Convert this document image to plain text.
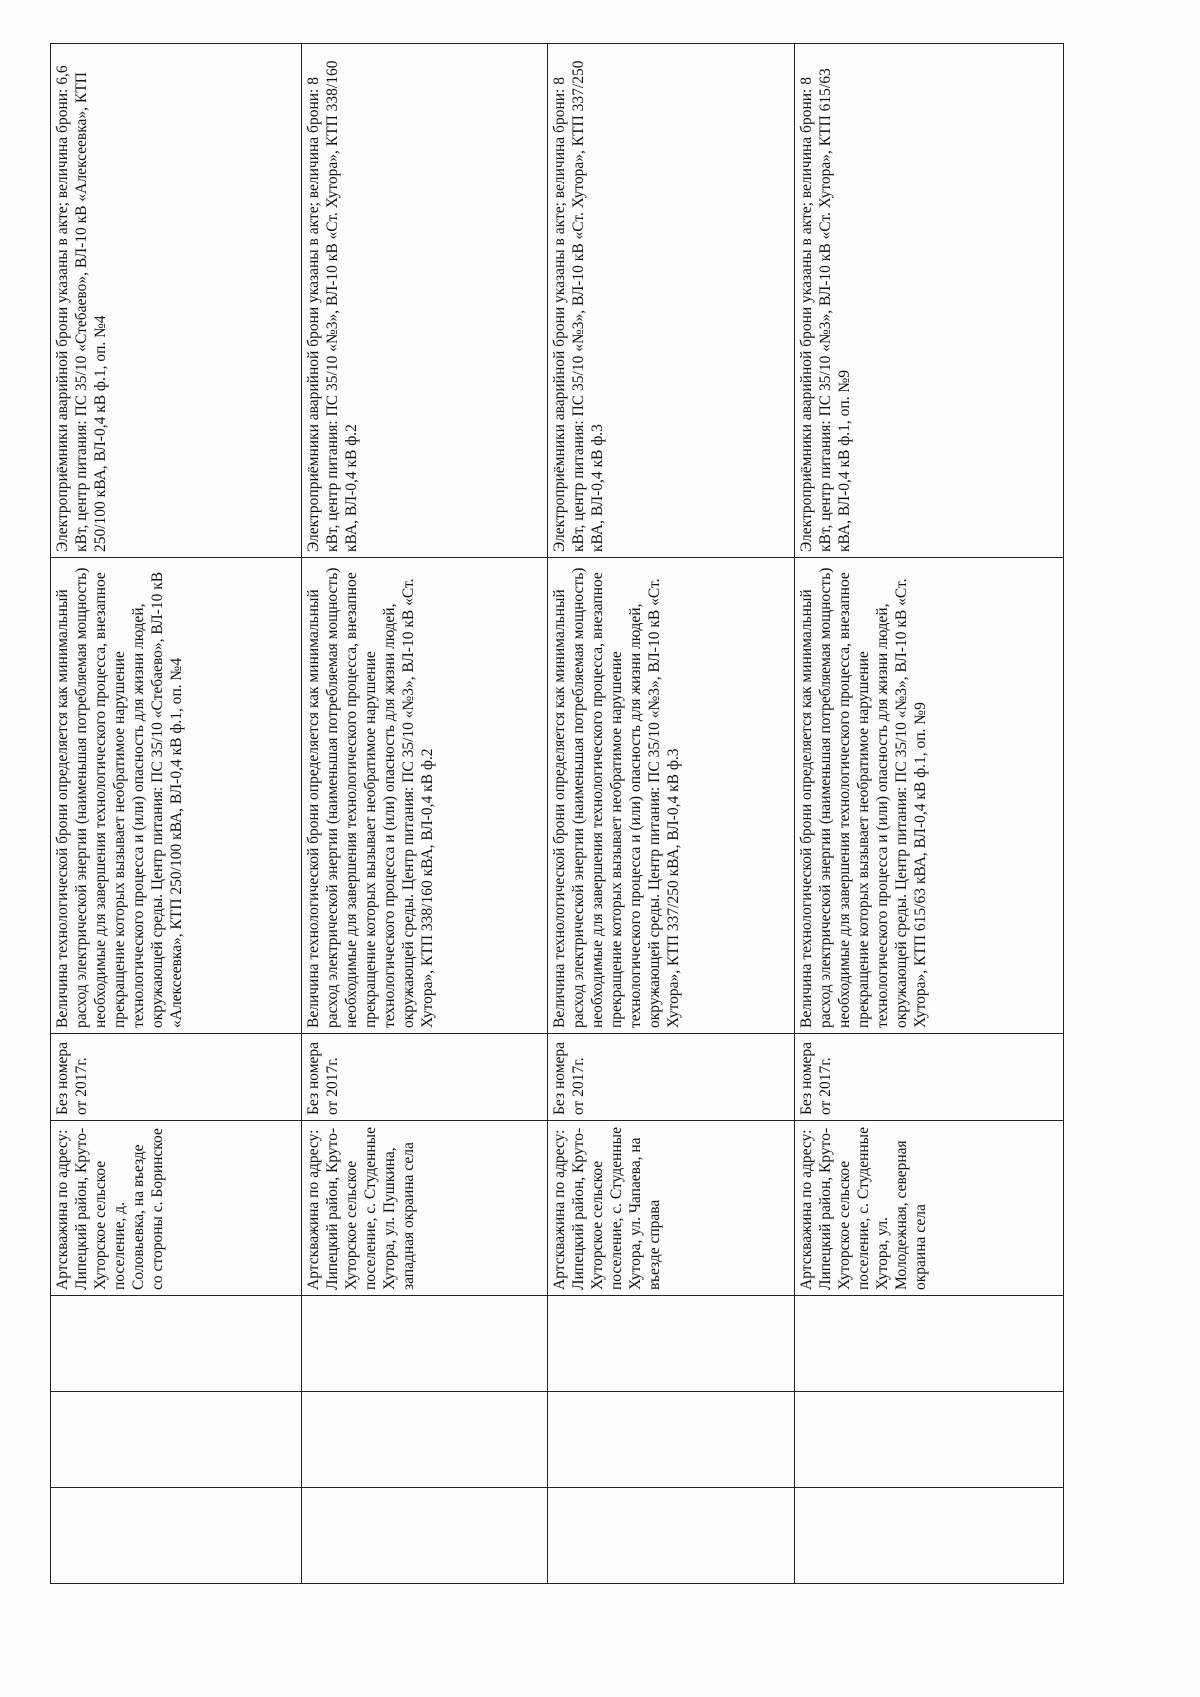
			Артскважина по адресу: Липецкий район, Круто-Хуторское сельское поселение, д. Соловьевка, на въезде со стороны с. Боринское	Без номера от 2017г.	Величина технологической брони определяется как минимальный расход электрической энергии (наименьшая потребляемая мощность) необходимые для завершения технологического процесса, внезапное прекращение которых вызывает необратимое нарушение технологического процесса и (или) опасность для жизни людей, окружающей среды. Центр питания: ПС 35/10 «Стебаево», ВЛ-10 кВ «Алексеевка», КТП 250/100 кВА, ВЛ-0,4 кВ ф.1, оп. №4	Электроприёмники аварийной брони указаны в акте; величина брони: 6,6 кВт, центр питания: ПС 35/10 «Стебаево», ВЛ-10 кВ «Алексеевка», КТП 250/100 кВА, ВЛ-0,4 кВ ф.1, оп. №4

			Артскважина по адресу: Липецкий район, Круто-Хуторское сельское поселение, с. Студенные Хутора, ул. Пушкина, западная окраина села	Без номера от 2017г.	Величина технологической брони определяется как минимальный расход электрической энергии (наименьшая потребляемая мощность) необходимые для завершения технологического процесса, внезапное прекращение которых вызывает необратимое нарушение технологического процесса и (или) опасность для жизни людей, окружающей среды. Центр питания: ПС 35/10 «№3», ВЛ-10 кВ «Ст. Хутора», КТП 338/160 кВА, ВЛ-0,4 кВ ф.2	Электроприёмники аварийной брони указаны в акте; величина брони: 8 кВт, центр питания: ПС 35/10 «№3», ВЛ-10 кВ «Ст. Хутора», КТП 338/160 кВА, ВЛ-0,4 кВ ф.2

			Артскважина по адресу: Липецкий район, Круто-Хуторское сельское поселение, с. Студенные Хутора, ул. Чапаева, на въезде справа	Без номера от 2017г.	Величина технологической брони определяется как минимальный расход электрической энергии (наименьшая потребляемая мощность) необходимые для завершения технологического процесса, внезапное прекращение которых вызывает необратимое нарушение технологического процесса и (или) опасность для жизни людей, окружающей среды. Центр питания: ПС 35/10 «№3», ВЛ-10 кВ «Ст. Хутора», КТП 337/250 кВА, ВЛ-0,4 кВ ф.3	Электроприёмники аварийной брони указаны в акте; величина брони: 8 кВт, центр питания: ПС 35/10 «№3», ВЛ-10 кВ «Ст. Хутора», КТП 337/250 кВА, ВЛ-0,4 кВ ф.3

			Артскважина по адресу: Липецкий район, Круто-Хуторское сельское поселение, с. Студенные Хутора, ул. Молодежная, северная окраина села	Без номера от 2017г.	Величина технологической брони определяется как минимальный расход электрической энергии (наименьшая потребляемая мощность) необходимые для завершения технологического процесса, внезапное прекращение которых вызывает необратимое нарушение технологического процесса и (или) опасность для жизни людей, окружающей среды. Центр питания: ПС 35/10 «№3», ВЛ-10 кВ «Ст. Хутора», КТП 615/63 кВА, ВЛ-0,4 кВ ф.1, оп. №9	Электроприёмники аварийной брони указаны в акте; величина брони: 8 кВт, центр питания: ПС 35/10 «№3», ВЛ-10 кВ «Ст. Хутора», КТП 615/63 кВА, ВЛ-0,4 кВ ф.1, оп. №9
